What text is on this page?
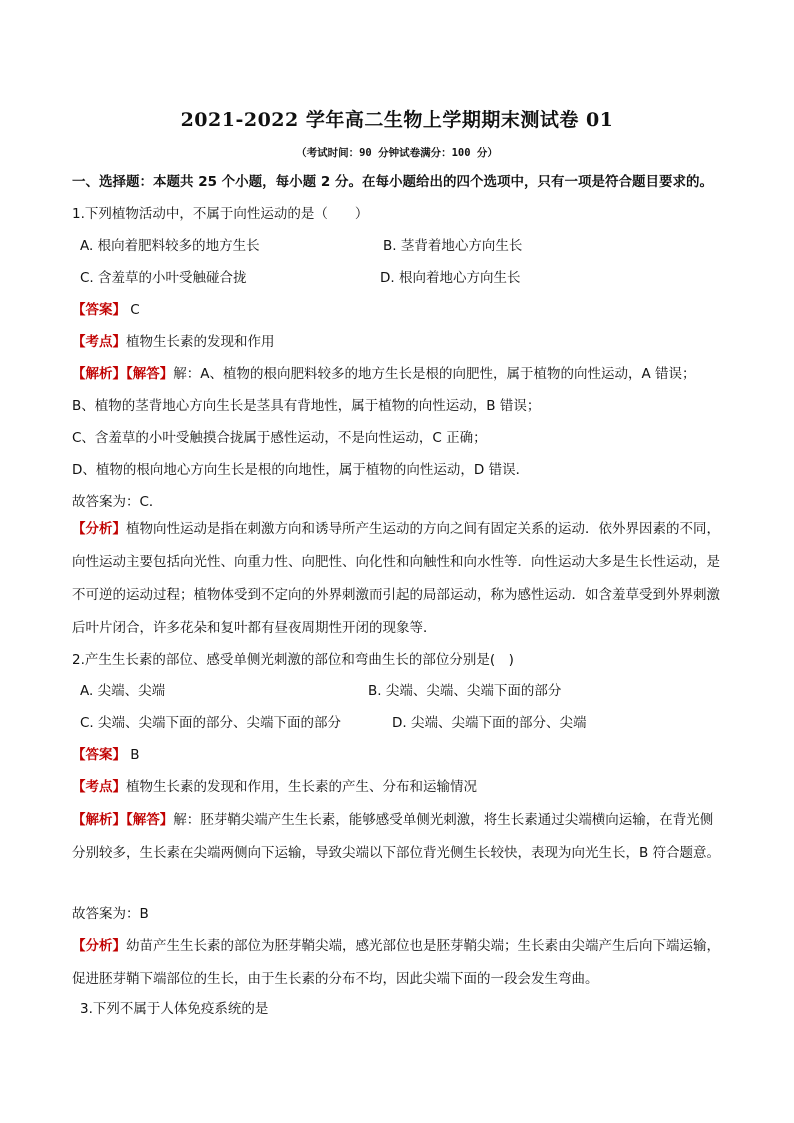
2021-2022 学年高二生物上学期期末测试卷 01
（考试时间：90 分钟试卷满分：100 分）
一、选择题：本题共 25 个小题，每小题 2 分。在每小题给出的四个选项中，只有一项是符合题目要求的。
1.下列植物活动中，不属于向性运动的是（　　）
A. 根向着肥料较多的地方生长	B. 茎背着地心方向生长
C. 含羞草的小叶受触碰合拢	D. 根向着地心方向生长
【答案】 C
【考点】植物生长素的发现和作用
【解析】【解答】解：A、植物的根向肥料较多的地方生长是根的向肥性，属于植物的向性运动，A 错误；
B、植物的茎背地心方向生长是茎具有背地性，属于植物的向性运动，B 错误；
C、含羞草的小叶受触摸合拢属于感性运动，不是向性运动，C 正确；
D、植物的根向地心方向生长是根的向地性，属于植物的向性运动，D 错误．
故答案为：C．
【分析】植物向性运动是指在刺激方向和诱导所产生运动的方向之间有固定关系的运动．依外界因素的不同，向性运动主要包括向光性、向重力性、向肥性、向化性和向触性和向水性等．向性运动大多是生长性运动，是不可逆的运动过程；植物体受到不定向的外界刺激而引起的局部运动，称为感性运动．如含羞草受到外界刺激后叶片闭合，许多花朵和复叶都有昼夜周期性开闭的现象等．
2.产生生长素的部位、感受单侧光刺激的部位和弯曲生长的部位分别是(　)
A. 尖端、尖端	B. 尖端、尖端、尖端下面的部分
C. 尖端、尖端下面的部分、尖端下面的部分	D. 尖端、尖端下面的部分、尖端
【答案】 B
【考点】植物生长素的发现和作用，生长素的产生、分布和运输情况
【解析】【解答】解：胚芽鞘尖端产生生长素，能够感受单侧光刺激，将生长素通过尖端横向运输，在背光侧分别较多，生长素在尖端两侧向下运输，导致尖端以下部位背光侧生长较快，表现为向光生长，B 符合题意。
故答案为：B
【分析】幼苗产生生长素的部位为胚芽鞘尖端，感光部位也是胚芽鞘尖端；生长素由尖端产生后向下端运输，促进胚芽鞘下端部位的生长，由于生长素的分布不均，因此尖端下面的一段会发生弯曲。
3.下列不属于人体免疫系统的是
